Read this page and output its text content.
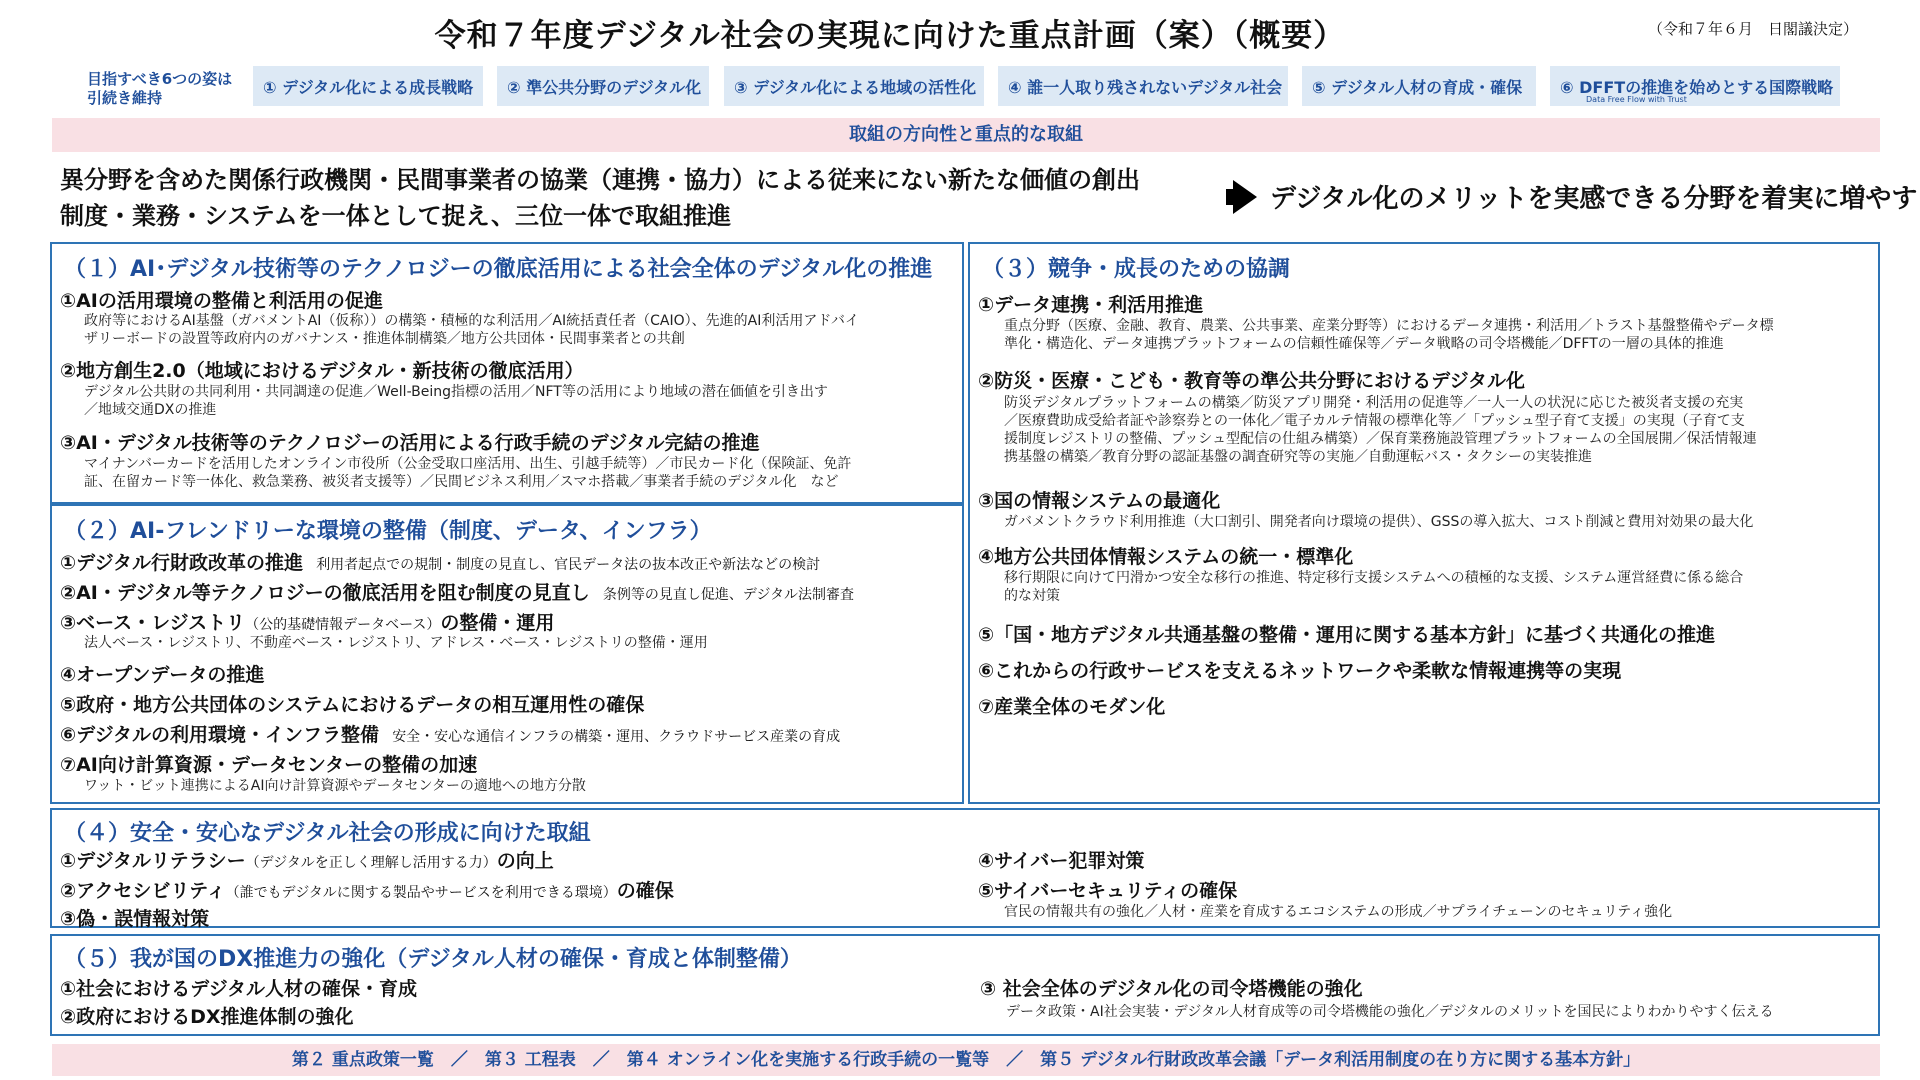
令和７年度デジタル社会の実現に向けた重点計画（案）（概要）	（令和７年６月　日閣議決定）
目指すべき6つの姿は
引続き維持
① デジタル化による成長戦略	② 準公共分野のデジタル化	③ デジタル化による地域の活性化	④ 誰一人取り残されないデジタル社会	⑤ デジタル人材の育成・確保	⑥ DFFTの推進を始めとする国際戦略
Data Free Flow with Trust
取組の方向性と重点的な取組
異分野を含めた関係行政機関・民間事業者の協業（連携・協力）による従来にない新たな価値の創出
制度・業務・システムを一体として捉え、三位一体で取組推進
デジタル化のメリットを実感できる分野を着実に増やす
（１）AI･デジタル技術等のテクノロジーの徹底活用による社会全体のデジタル化の推進
①AIの活用環境の整備と利活用の促進
政府等におけるAI基盤（ガバメントAI（仮称））の構築・積極的な利活用／AI統括責任者（CAIO）、先進的AI利活用アドバイ
ザリーボードの設置等政府内のガバナンス・推進体制構築／地方公共団体・民間事業者との共創
②地方創生2.0（地域におけるデジタル・新技術の徹底活用）
デジタル公共財の共同利用・共同調達の促進／Well-Being指標の活用／NFT等の活用により地域の潜在価値を引き出す
／地域交通DXの推進
③AI・デジタル技術等のテクノロジーの活用による行政手続のデジタル完結の推進
マイナンバーカードを活用したオンライン市役所（公金受取口座活用、出生、引越手続等）／市民カード化（保険証、免許
証、在留カード等一体化、救急業務、被災者支援等）／民間ビジネス利用／スマホ搭載／事業者手続のデジタル化　など
（２）AI-フレンドリーな環境の整備（制度、データ、インフラ）
①デジタル行財政改革の推進 利用者起点での規制・制度の見直し、官民データ法の抜本改正や新法などの検討
②AI・デジタル等テクノロジーの徹底活用を阻む制度の見直し 条例等の見直し促進、デジタル法制審査
③ベース・レジストリ（公的基礎情報データベース）の整備・運用
法人ベース・レジストリ、不動産ベース・レジストリ、アドレス・ベース・レジストリの整備・運用
④オープンデータの推進
⑤政府・地方公共団体のシステムにおけるデータの相互運用性の確保
⑥デジタルの利用環境・インフラ整備 安全・安心な通信インフラの構築・運用、クラウドサービス産業の育成
⑦AI向け計算資源・データセンターの整備の加速
ワット・ビット連携によるAI向け計算資源やデータセンターの適地への地方分散
（３）競争・成長のための協調
①データ連携・利活用推進
重点分野（医療、金融、教育、農業、公共事業、産業分野等）におけるデータ連携・利活用／トラスト基盤整備やデータ標
準化・構造化、データ連携プラットフォームの信頼性確保等／データ戦略の司令塔機能／DFFTの一層の具体的推進
②防災・医療・こども・教育等の準公共分野におけるデジタル化
防災デジタルプラットフォームの構築／防災アプリ開発・利活用の促進等／一人一人の状況に応じた被災者支援の充実
／医療費助成受給者証や診察券との一体化／電子カルテ情報の標準化等／「プッシュ型子育て支援」の実現（子育て支
援制度レジストリの整備、プッシュ型配信の仕組み構築）／保育業務施設管理プラットフォームの全国展開／保活情報連
携基盤の構築／教育分野の認証基盤の調査研究等の実施／自動運転バス・タクシーの実装推進
③国の情報システムの最適化
ガバメントクラウド利用推進（大口割引、開発者向け環境の提供）、GSSの導入拡大、コスト削減と費用対効果の最大化
④地方公共団体情報システムの統一・標準化
移行期限に向けて円滑かつ安全な移行の推進、特定移行支援システムへの積極的な支援、システム運営経費に係る総合
的な対策
⑤「国・地方デジタル共通基盤の整備・運用に関する基本方針」に基づく共通化の推進
⑥これからの行政サービスを支えるネットワークや柔軟な情報連携等の実現
⑦産業全体のモダン化
（４）安全・安心なデジタル社会の形成に向けた取組
①デジタルリテラシー（デジタルを正しく理解し活用する力）の向上
②アクセシビリティ（誰でもデジタルに関する製品やサービスを利用できる環境）の確保
③偽・誤情報対策
④サイバー犯罪対策
⑤サイバーセキュリティの確保
官民の情報共有の強化／人材・産業を育成するエコシステムの形成／サプライチェーンのセキュリティ強化
（５）我が国のDX推進力の強化（デジタル人材の確保・育成と体制整備）
①社会におけるデジタル人材の確保・育成
②政府におけるDX推進体制の強化
③ 社会全体のデジタル化の司令塔機能の強化
データ政策・AI社会実装・デジタル人材育成等の司令塔機能の強化／デジタルのメリットを国民によりわかりやすく伝える
第２ 重点政策一覧　／　第３ 工程表　／　第４ オンライン化を実施する行政手続の一覧等　／　第５ デジタル行財政改革会議「データ利活用制度の在り方に関する基本方針」
